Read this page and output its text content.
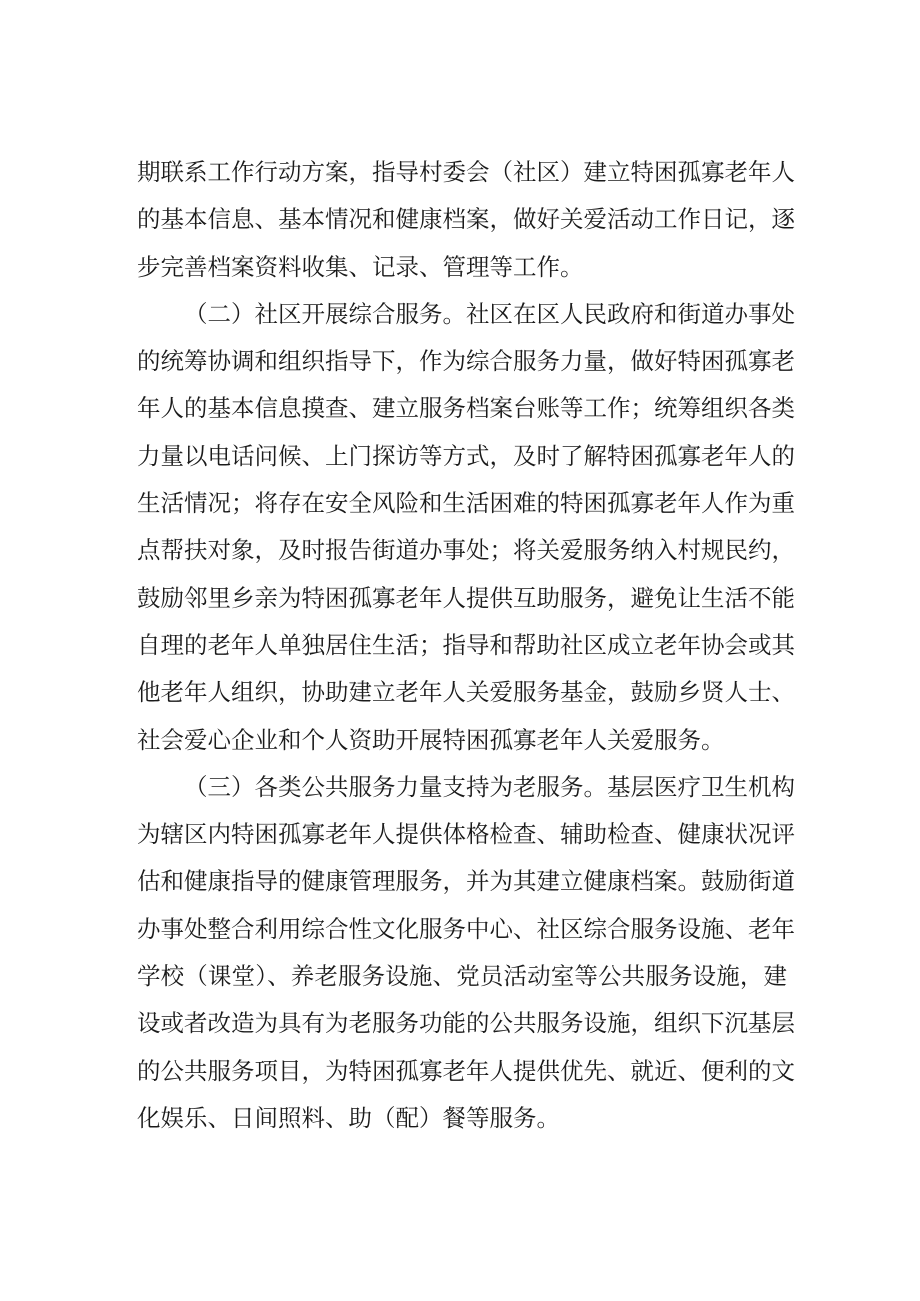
期联系工作行动方案，指导村委会（社区）建立特困孤寡老年人
的基本信息、基本情况和健康档案，做好关爱活动工作日记，逐
步完善档案资料收集、记录、管理等工作。
（二）社区开展综合服务。社区在区人民政府和街道办事处
的统筹协调和组织指导下，作为综合服务力量，做好特困孤寡老
年人的基本信息摸查、建立服务档案台账等工作；统筹组织各类
力量以电话问候、上门探访等方式，及时了解特困孤寡老年人的
生活情况；将存在安全风险和生活困难的特困孤寡老年人作为重
点帮扶对象，及时报告街道办事处；将关爱服务纳入村规民约，
鼓励邻里乡亲为特困孤寡老年人提供互助服务，避免让生活不能
自理的老年人单独居住生活；指导和帮助社区成立老年协会或其
他老年人组织，协助建立老年人关爱服务基金，鼓励乡贤人士、
社会爱心企业和个人资助开展特困孤寡老年人关爱服务。
（三）各类公共服务力量支持为老服务。基层医疗卫生机构
为辖区内特困孤寡老年人提供体格检查、辅助检查、健康状况评
估和健康指导的健康管理服务，并为其建立健康档案。鼓励街道
办事处整合利用综合性文化服务中心、社区综合服务设施、老年
学校（课堂）、养老服务设施、党员活动室等公共服务设施，建
设或者改造为具有为老服务功能的公共服务设施，组织下沉基层
的公共服务项目，为特困孤寡老年人提供优先、就近、便利的文
化娱乐、日间照料、助（配）餐等服务。
